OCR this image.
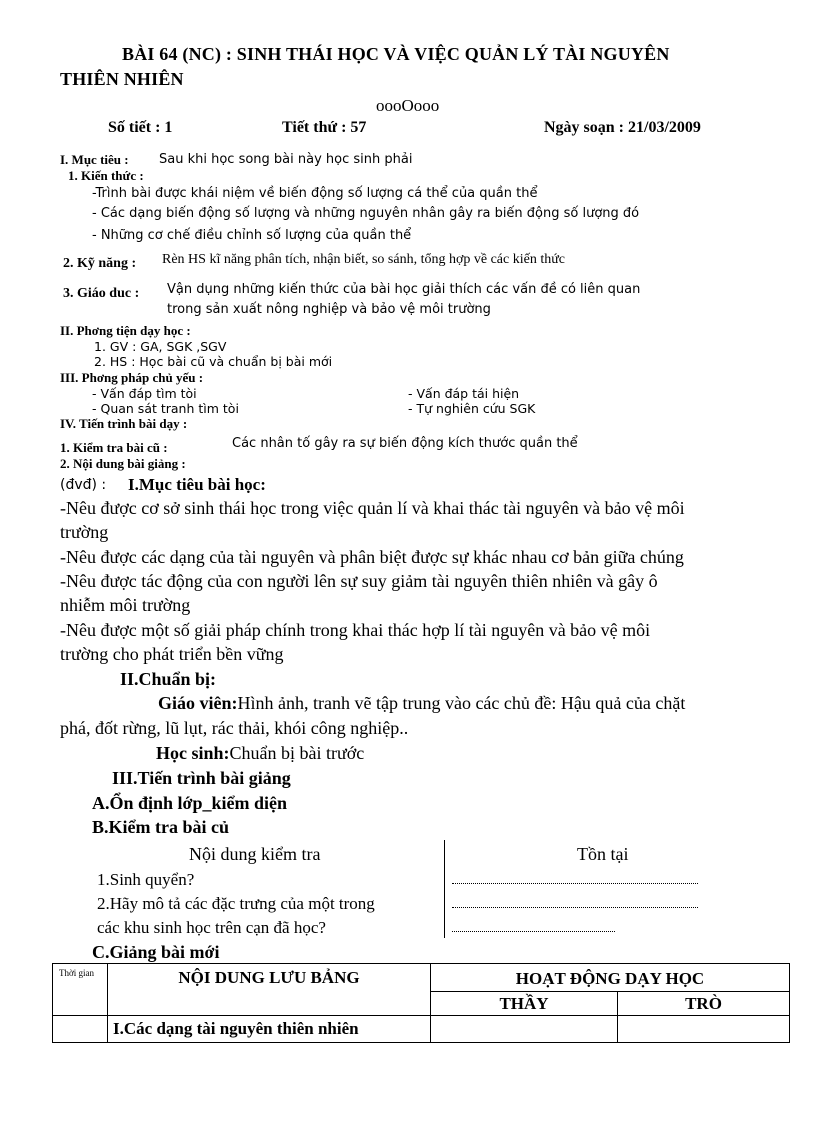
BÀI 64 (NC) : SINH THÁI HỌC VÀ VIỆC QUẢN LÝ TÀI NGUYÊN
THIÊN NHIÊN
oooOooo
Số tiết : 1	Tiết thứ : 57	Ngày soạn : 21/03/2009
I. Mục tiêu : Sau khi học song bài này học sinh phải
1. Kiến thức :
-Trình bài được khái niệm về biến động số lượng cá thể của quần thể
- Các dạng biến động số lượng và những nguyên nhân gây ra biến động số lượng đó
- Những cơ chế điều chỉnh số lượng của quần thể
2. Kỹ năng : Rèn HS kĩ năng phân tích, nhận biết, so sánh, tổng hợp về các kiến thức
3. Giáo duc : Vận dụng những kiến thức của bài học giải thích các vấn đề có liên quan
trong sản xuất nông nghiệp và bảo vệ môi trường
II. Phơng tiện dạy học :
1. GV : GA, SGK ,SGV
2. HS : Học bài cũ và chuẩn bị bài mới
III. Phơng pháp chủ yếu :
- Vấn đáp tìm tòi	- Vấn đáp tái hiện
- Quan sát tranh tìm tòi	- Tự nghiên cứu SGK
IV. Tiến trình bài dạy :
1. Kiểm tra bài cũ :	Các nhân tố gây ra sự biến động kích thước quần thể
2. Nội dung bài giảng :
(đvđ) : I.Mục tiêu bài học:
-Nêu được cơ sở sinh thái học trong việc quản lí và khai thác tài nguyên và bảo vệ môi
trường
-Nêu được các dạng của tài nguyên và phân biệt được sự khác nhau cơ bản giữa chúng
-Nêu được tác động của con người lên sự suy giảm tài nguyên thiên nhiên và gây ô
nhiễm môi trường
-Nêu được một số giải pháp chính trong khai thác hợp lí tài nguyên và bảo vệ môi
trường cho phát triển bền vững
II.Chuẩn bị:
Giáo viên:Hình ảnh, tranh vẽ tập trung vào các chủ đề: Hậu quả của chặt
phá, đốt rừng, lũ lụt, rác thải, khói công nghiệp..
Học sinh:Chuẩn bị bài trước
III.Tiến trình bài giảng
A.Ổn định lớp_kiểm diện
B.Kiểm tra bài củ
Nội dung kiểm tra	Tồn tại
1.Sinh quyển?
2.Hãy mô tả các đặc trưng của một trong
các khu sinh học trên cạn đã học?
C.Giảng bài mới
Thời gian	NỘI DUNG LƯU BẢNG	HOẠT ĐỘNG DẠY HỌC	
		THẦY	TRÒ
	I.Các dạng tài nguyên thiên nhiên		
